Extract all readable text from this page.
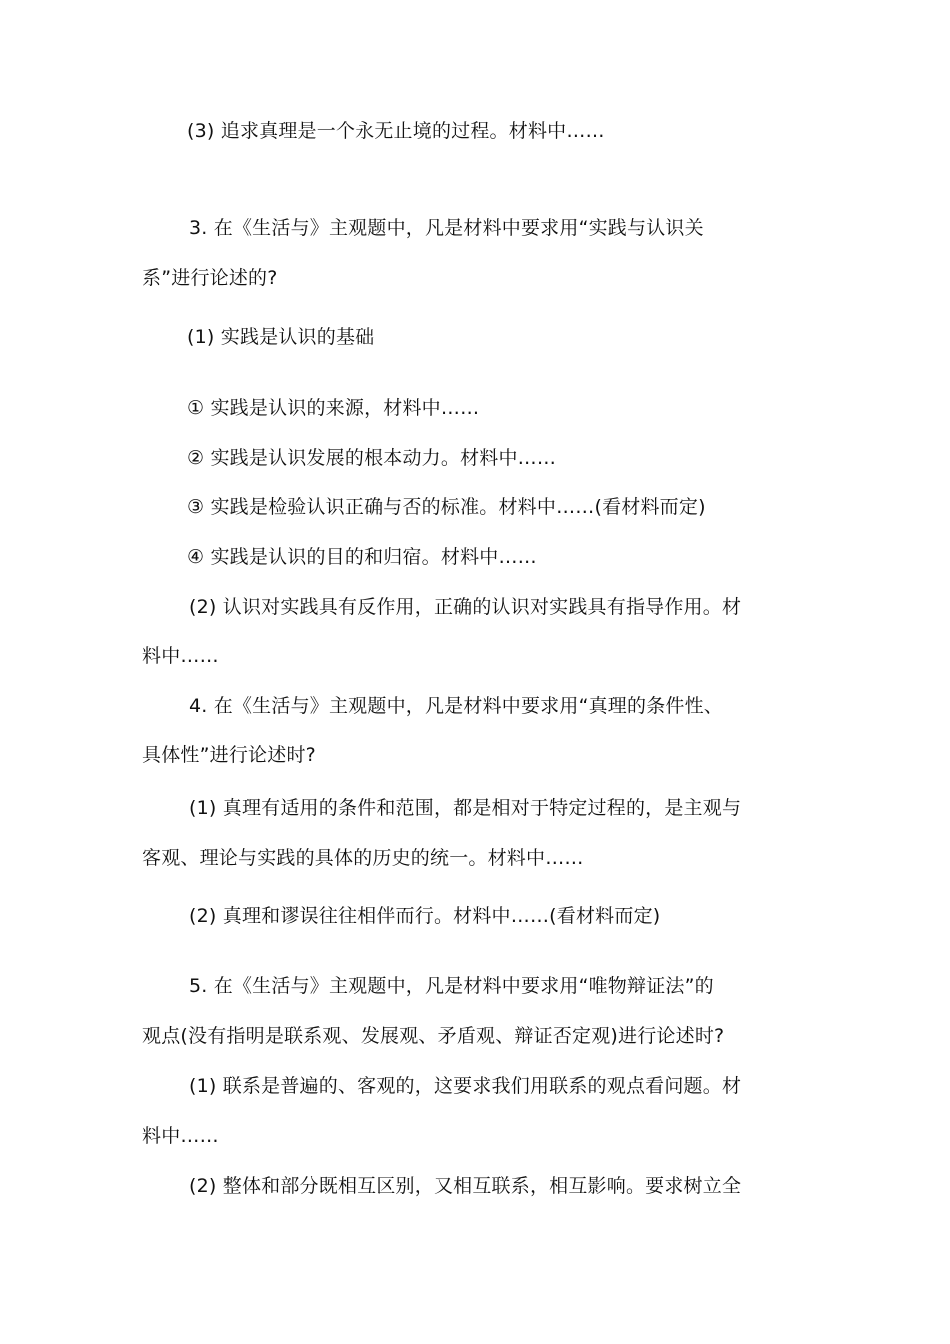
(3) 追求真理是一个永无止境的过程。材料中……
3. 在《生活与》主观题中，凡是材料中要求用“实践与认识关
系”进行论述的?
(1) 实践是认识的基础
① 实践是认识的来源，材料中……
② 实践是认识发展的根本动力。材料中……
③ 实践是检验认识正确与否的标准。材料中……(看材料而定)
④ 实践是认识的目的和归宿。材料中……
(2) 认识对实践具有反作用，正确的认识对实践具有指导作用。材
料中……
4. 在《生活与》主观题中，凡是材料中要求用“真理的条件性、
具体性”进行论述时?
(1) 真理有适用的条件和范围，都是相对于特定过程的，是主观与
客观、理论与实践的具体的历史的统一。材料中……
(2) 真理和谬误往往相伴而行。材料中……(看材料而定)
5. 在《生活与》主观题中，凡是材料中要求用“唯物辩证法”的
观点(没有指明是联系观、发展观、矛盾观、辩证否定观)进行论述时?
(1) 联系是普遍的、客观的，这要求我们用联系的观点看问题。材
料中……
(2) 整体和部分既相互区别，又相互联系，相互影响。要求树立全
